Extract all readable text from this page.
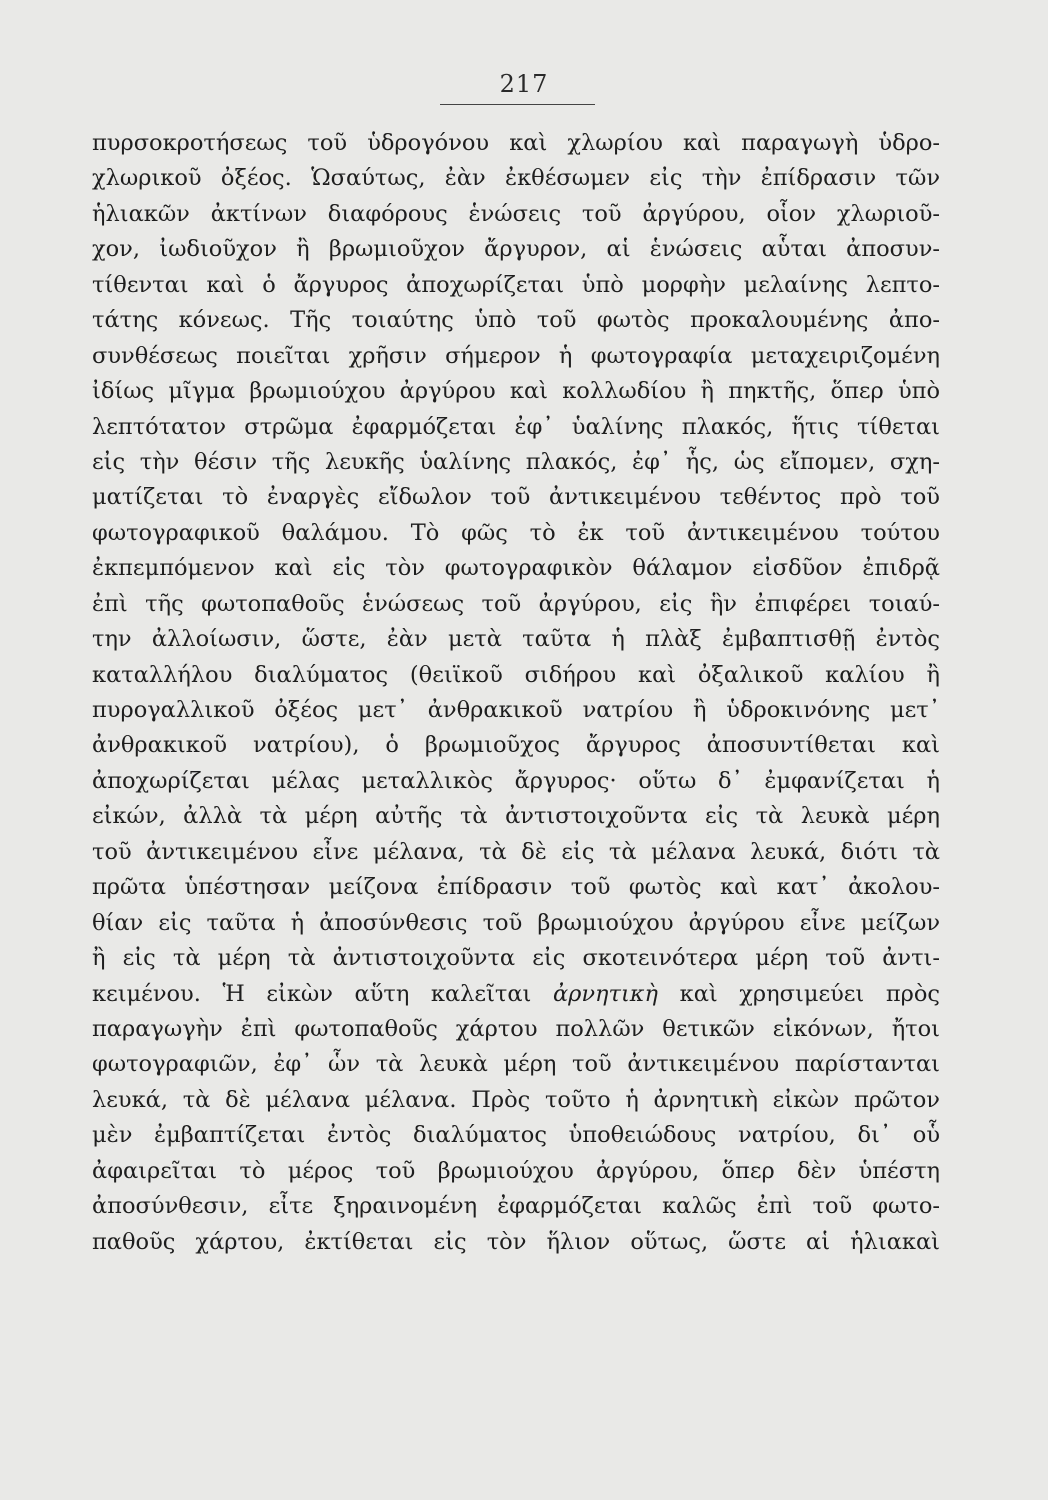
217
πυρσοκροτήσεως τοῦ ὑδρογόνου καὶ χλωρίου καὶ παραγωγὴ ὑδρο-
χλωρικοῦ ὀξέος. Ὡσαύτως, ἐὰν ἐκθέσωμεν εἰς τὴν ἐπίδρασιν τῶν
ἡλιακῶν ἀκτίνων διαφόρους ἑνώσεις τοῦ ἀργύρου, οἷον χλωριοῦ-
χον, ἰωδιοῦχον ἢ βρωμιοῦχον ἄργυρον, αἱ ἑνώσεις αὗται ἀποσυν-
τίθενται καὶ ὁ ἄργυρος ἀποχωρίζεται ὑπὸ μορφὴν μελαίνης λεπτο-
τάτης κόνεως. Τῆς τοιαύτης ὑπὸ τοῦ φωτὸς προκαλουμένης ἀπο-
συνθέσεως ποιεῖται χρῆσιν σήμερον ἡ φωτογραφία μεταχειριζομένη
ἰδίως μῖγμα βρωμιούχου ἀργύρου καὶ κολλωδίου ἢ πηκτῆς, ὅπερ ὑπὸ
λεπτότατον στρῶμα ἐφαρμόζεται ἐφ᾽ ὑαλίνης πλακός, ἥτις τίθεται
εἰς τὴν θέσιν τῆς λευκῆς ὑαλίνης πλακός, ἐφ᾽ ἧς, ὡς εἴπομεν, σχη-
ματίζεται τὸ ἐναργὲς εἴδωλον τοῦ ἀντικειμένου τεθέντος πρὸ τοῦ
φωτογραφικοῦ θαλάμου. Τὸ φῶς τὸ ἐκ τοῦ ἀντικειμένου τούτου
ἐκπεμπόμενον καὶ εἰς τὸν φωτογραφικὸν θάλαμον εἰσδῦον ἐπιδρᾷ
ἐπὶ τῆς φωτοπαθοῦς ἑνώσεως τοῦ ἀργύρου, εἰς ἣν ἐπιφέρει τοιαύ-
την ἀλλοίωσιν, ὥστε, ἐὰν μετὰ ταῦτα ἡ πλὰξ ἐμβαπτισθῇ ἐντὸς
καταλλήλου διαλύματος (θειϊκοῦ σιδήρου καὶ ὀξαλικοῦ καλίου ἢ
πυρογαλλικοῦ ὀξέος μετ᾽ ἀνθρακικοῦ νατρίου ἢ ὑδροκινόνης μετ᾽
ἀνθρακικοῦ νατρίου), ὁ βρωμιοῦχος ἄργυρος ἀποσυντίθεται καὶ
ἀποχωρίζεται μέλας μεταλλικὸς ἄργυρος· οὕτω δ᾽ ἐμφανίζεται ἡ
εἰκών, ἀλλὰ τὰ μέρη αὐτῆς τὰ ἀντιστοιχοῦντα εἰς τὰ λευκὰ μέρη
τοῦ ἀντικειμένου εἶνε μέλανα, τὰ δὲ εἰς τὰ μέλανα λευκά, διότι τὰ
πρῶτα ὑπέστησαν μείζονα ἐπίδρασιν τοῦ φωτὸς καὶ κατ᾽ ἀκολου-
θίαν εἰς ταῦτα ἡ ἀποσύνθεσις τοῦ βρωμιούχου ἀργύρου εἶνε μείζων
ἢ εἰς τὰ μέρη τὰ ἀντιστοιχοῦντα εἰς σκοτεινότερα μέρη τοῦ ἀντι-
κειμένου. Ἡ εἰκὼν αὕτη καλεῖται ἀρνητικὴ καὶ χρησιμεύει πρὸς
παραγωγὴν ἐπὶ φωτοπαθοῦς χάρτου πολλῶν θετικῶν εἰκόνων, ἤτοι
φωτογραφιῶν, ἐφ᾽ ὧν τὰ λευκὰ μέρη τοῦ ἀντικειμένου παρίστανται
λευκά, τὰ δὲ μέλανα μέλανα. Πρὸς τοῦτο ἡ ἀρνητικὴ εἰκὼν πρῶτον
μὲν ἐμβαπτίζεται ἐντὸς διαλύματος ὑποθειώδους νατρίου, δι᾽ οὗ
ἀφαιρεῖται τὸ μέρος τοῦ βρωμιούχου ἀργύρου, ὅπερ δὲν ὑπέστη
ἀποσύνθεσιν, εἶτε ξηραινομένη ἐφαρμόζεται καλῶς ἐπὶ τοῦ φωτο-
παθοῦς χάρτου, ἐκτίθεται εἰς τὸν ἥλιον οὕτως, ὥστε αἱ ἡλιακαὶ
